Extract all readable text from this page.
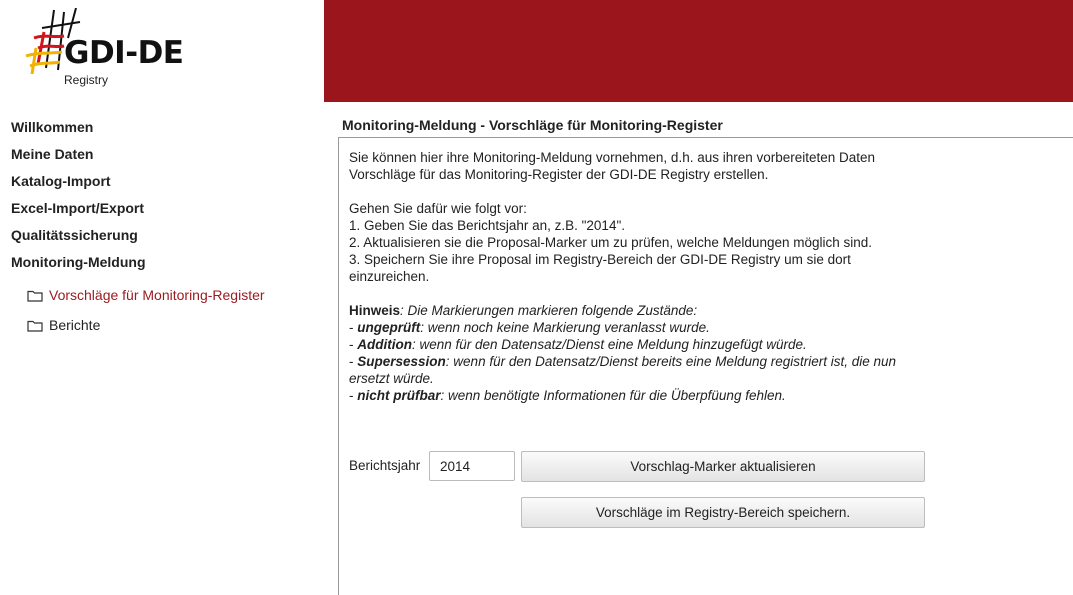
GDI-DE
Registry
Willkommen
Meine Daten
Katalog-Import
Excel-Import/Export
Qualitätssicherung
Monitoring-Meldung
Vorschläge für Monitoring-Register
Berichte
Monitoring-Meldung - Vorschläge für Monitoring-Register

Sie können hier ihre Monitoring-Meldung vornehmen, d.h. aus ihren vorbereiteten Daten

Vorschläge für das Monitoring-Register der GDI-DE Registry erstellen.

Gehen Sie dafür wie folgt vor:

1. Geben Sie das Berichtsjahr an, z.B. "2014".

2. Aktualisieren sie die Proposal-Marker um zu prüfen, welche Meldungen möglich sind.

3. Speichern Sie ihre Proposal im Registry-Bereich der GDI-DE Registry um sie dort

einzureichen.

Hinweis: Die Markierungen markieren folgende Zustände:

- ungeprüft: wenn noch keine Markierung veranlasst wurde.

- Addition: wenn für den Datensatz/Dienst eine Meldung hinzugefügt würde.

- Supersession: wenn für den Datensatz/Dienst bereits eine Meldung registriert ist, die nun

ersetzt würde.

- nicht prüfbar: wenn benötigte Informationen für die Überpfüung fehlen.

Berichtsjahr
2014	Vorschlag-Marker aktualisieren
Vorschläge im Registry-Bereich speichern.
